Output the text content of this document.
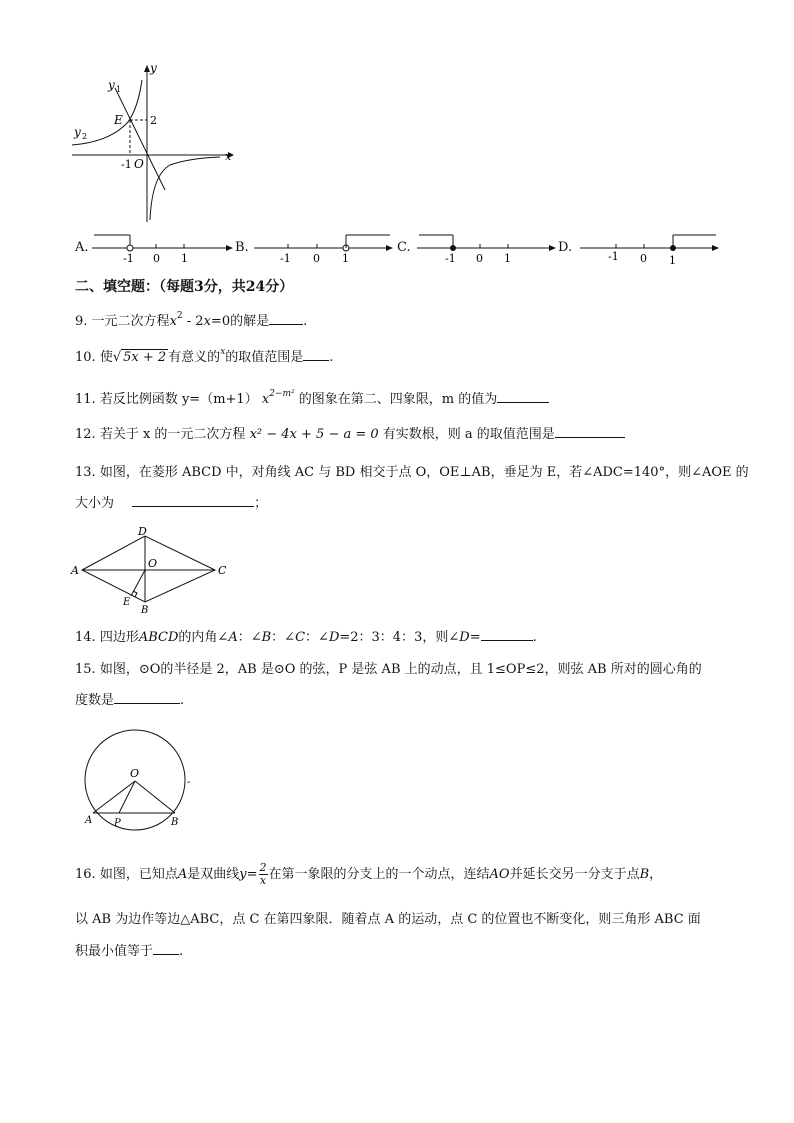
y
x
y 1
y 2
E
O
2
-1
A.
-1 0 1
B.
-1 0 1
C.
-1 0 1
D.
-1 0 1
二、填空题：（每题3分，共24分）
9. 一元二次方程$x^2 - 2x=0$的解是	.
10. 使√ 5x + 2 有意义的$^x$的取值范围是 .
11. 若反比例函数 y=（m+1） $x^{2-m^2}$ 的图象在第二、四象限，m 的值为
12. 若关于 x 的一元二次方程 x² − 4x + 5 − a = 0 有实数根，则 a 的取值范围是
13. 如图，在菱形 ABCD 中，对角线 AC 与 BD 相交于点 O，OE⊥AB，垂足为 E，若∠ADC=140°，则∠AOE 的
大小为	；
D
A	C
O
E
B
14. 四边形ABCD的内角∠A：∠B：∠C：∠D=2：3：4：3，则∠D=	.
15. 如图，⊙O的半径是 2，AB 是⊙O 的弦，P 是弦 AB 上的动点，且 1≤OP≤2，则弦 AB 所对的圆心角的
度数是	.
O
A	B
P
-
16. 如图，已知点A是双曲线$y= \frac{2}{x}$ 在第一象限的分支上的一个动点，连结AO并延长交另一分支于点B，
以 AB 为边作等边△ABC，点 C 在第四象限．随着点 A 的运动，点 C 的位置也不断变化，则三角形 ABC 面
积最小值等于 .
